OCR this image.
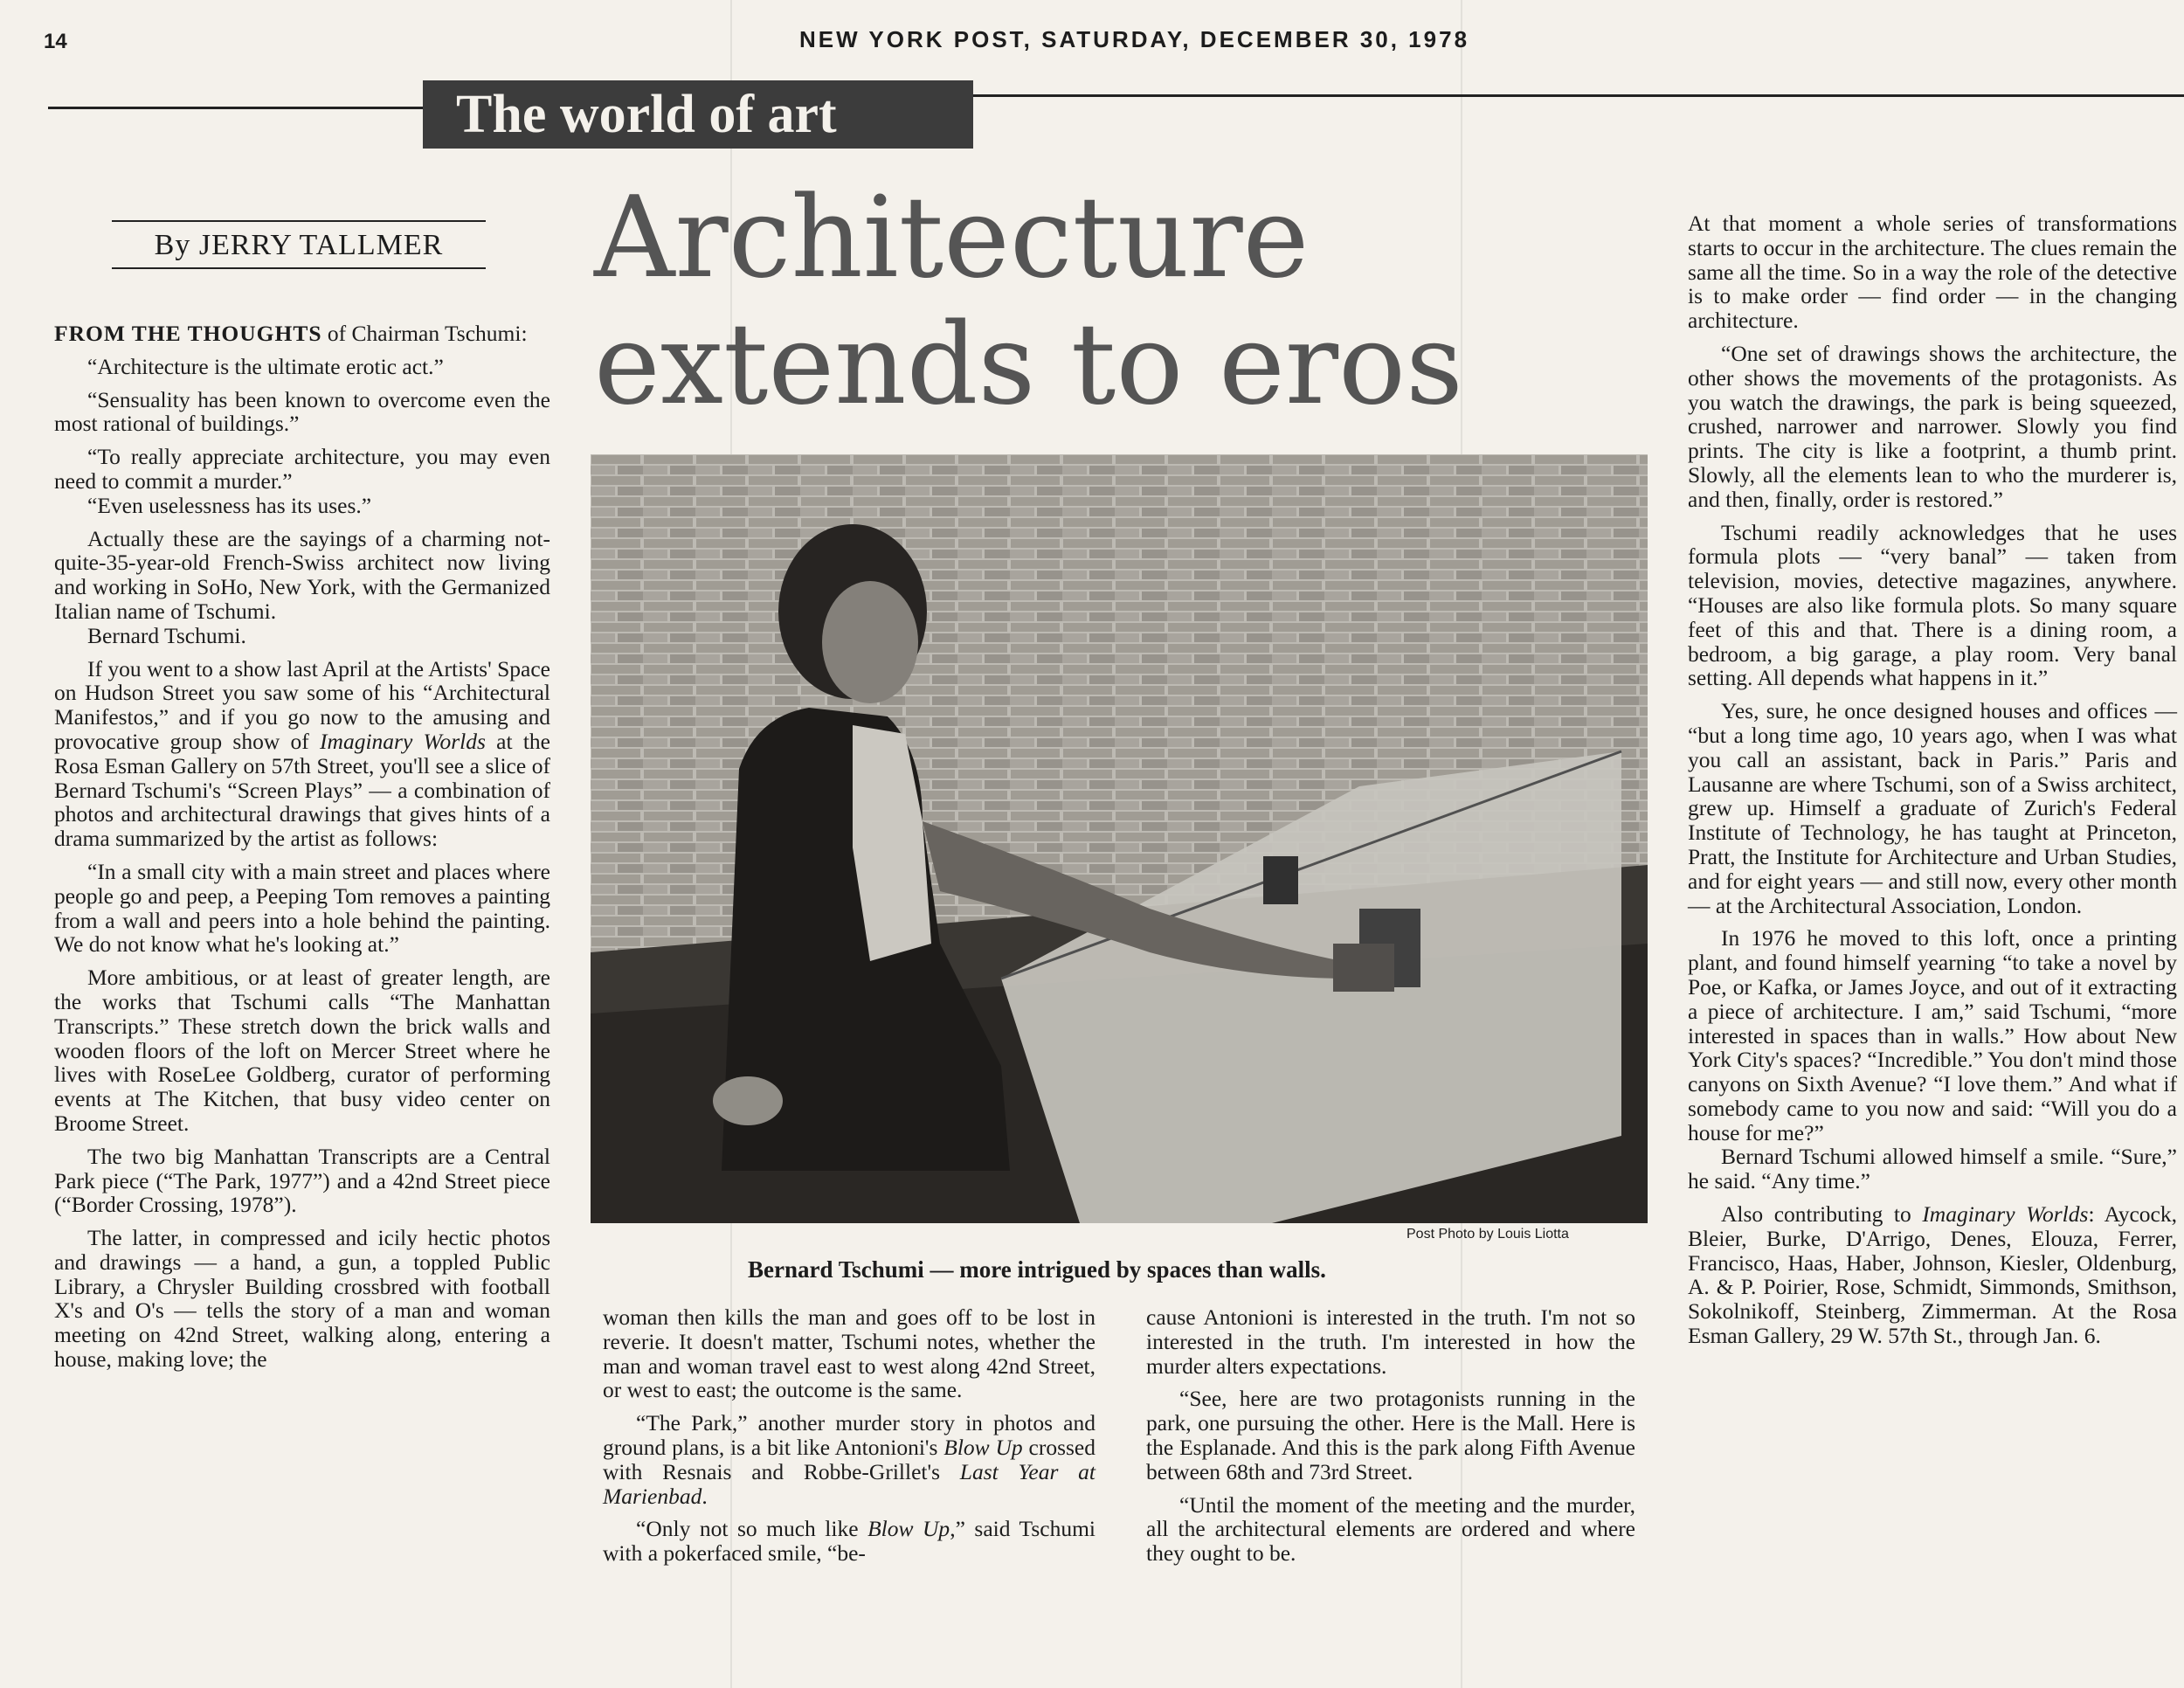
14	NEW YORK POST, SATURDAY, DECEMBER 30, 1978
The world of art
By JERRY TALLMER	Architecture
extends to eros

FROM THE THOUGHTS of Chairman Tschumi:

“Architecture is the ultimate erotic act.”

“Sensuality has been known to overcome even the most rational of buildings.”

“To really appreciate architecture, you may even need to commit a murder.”

“Even uselessness has its uses.”

Actually these are the sayings of a charming not-quite-35-year-old French-Swiss architect now living and working in SoHo, New York, with the Germanized Italian name of Tschumi.

Bernard Tschumi.

If you went to a show last April at the Artists' Space on Hudson Street you saw some of his “Architectural Manifestos,” and if you go now to the amusing and provocative group show of Imaginary Worlds at the Rosa Esman Gallery on 57th Street, you'll see a slice of Bernard Tschumi's “Screen Plays” — a combination of photos and architectural drawings that gives hints of a drama summarized by the artist as follows:

“In a small city with a main street and places where people go and peep, a Peeping Tom removes a painting from a wall and peers into a hole behind the painting. We do not know what he's looking at.”

More ambitious, or at least of greater length, are the works that Tschumi calls “The Manhattan Transcripts.” These stretch down the brick walls and wooden floors of the loft on Mercer Street where he lives with RoseLee Goldberg, curator of performing events at The Kitchen, that busy video center on Broome Street.

The two big Manhattan Transcripts are a Central Park piece (“The Park, 1977”) and a 42nd Street piece (“Border Crossing, 1978”).

The latter, in compressed and icily hectic photos and drawings — a hand, a gun, a toppled Public Library, a Chrysler Building crossbred with football X's and O's — tells the story of a man and woman meeting on 42nd Street, walking along, entering a house, making love; the

Post Photo by Louis Liotta
Bernard Tschumi — more intrigued by spaces than walls.

woman then kills the man and goes off to be lost in reverie. It doesn't matter, Tschumi notes, whether the man and woman travel east to west along 42nd Street, or west to east; the outcome is the same.

“The Park,” another murder story in photos and ground plans, is a bit like Antonioni's Blow Up crossed with Resnais and Robbe-Grillet's Last Year at Marienbad.

“Only not so much like Blow Up,” said Tschumi with a pokerfaced smile, “be-

cause Antonioni is interested in the truth. I'm not so interested in the truth. I'm interested in how the murder alters expectations.

“See, here are two protagonists running in the park, one pursuing the other. Here is the Mall. Here is the Esplanade. And this is the park along Fifth Avenue between 68th and 73rd Street.

“Until the moment of the meeting and the murder, all the architectural elements are ordered and where they ought to be.

At that moment a whole series of transformations starts to occur in the architecture. The clues remain the same all the time. So in a way the role of the detective is to make order — find order — in the changing architecture.

“One set of drawings shows the architecture, the other shows the movements of the protagonists. As you watch the drawings, the park is being squeezed, crushed, narrower and narrower. Slowly you find prints. The city is like a footprint, a thumb print. Slowly, all the elements lean to who the murderer is, and then, finally, order is restored.”

Tschumi readily acknowledges that he uses formula plots — “very banal” — taken from television, movies, detective magazines, anywhere. “Houses are also like formula plots. So many square feet of this and that. There is a dining room, a bedroom, a big garage, a play room. Very banal setting. All depends what happens in it.”

Yes, sure, he once designed houses and offices — “but a long time ago, 10 years ago, when I was what you call an assistant, back in Paris.” Paris and Lausanne are where Tschumi, son of a Swiss architect, grew up. Himself a graduate of Zurich's Federal Institute of Technology, he has taught at Princeton, Pratt, the Institute for Architecture and Urban Studies, and for eight years — and still now, every other month — at the Architectural Association, London.

In 1976 he moved to this loft, once a printing plant, and found himself yearning “to take a novel by Poe, or Kafka, or James Joyce, and out of it extracting a piece of architecture. I am,” said Tschumi, “more interested in spaces than in walls.” How about New York City's spaces? “Incredible.” You don't mind those canyons on Sixth Avenue? “I love them.” And what if somebody came to you now and said: “Will you do a house for me?”

Bernard Tschumi allowed himself a smile. “Sure,” he said. “Any time.”

Also contributing to Imaginary Worlds: Aycock, Bleier, Burke, D'Arrigo, Denes, Elouza, Ferrer, Francisco, Haas, Haber, Johnson, Kiesler, Oldenburg, A. & P. Poirier, Rose, Schmidt, Simmonds, Smithson, Sokolnikoff, Steinberg, Zimmerman. At the Rosa Esman Gallery, 29 W. 57th St., through Jan. 6.
